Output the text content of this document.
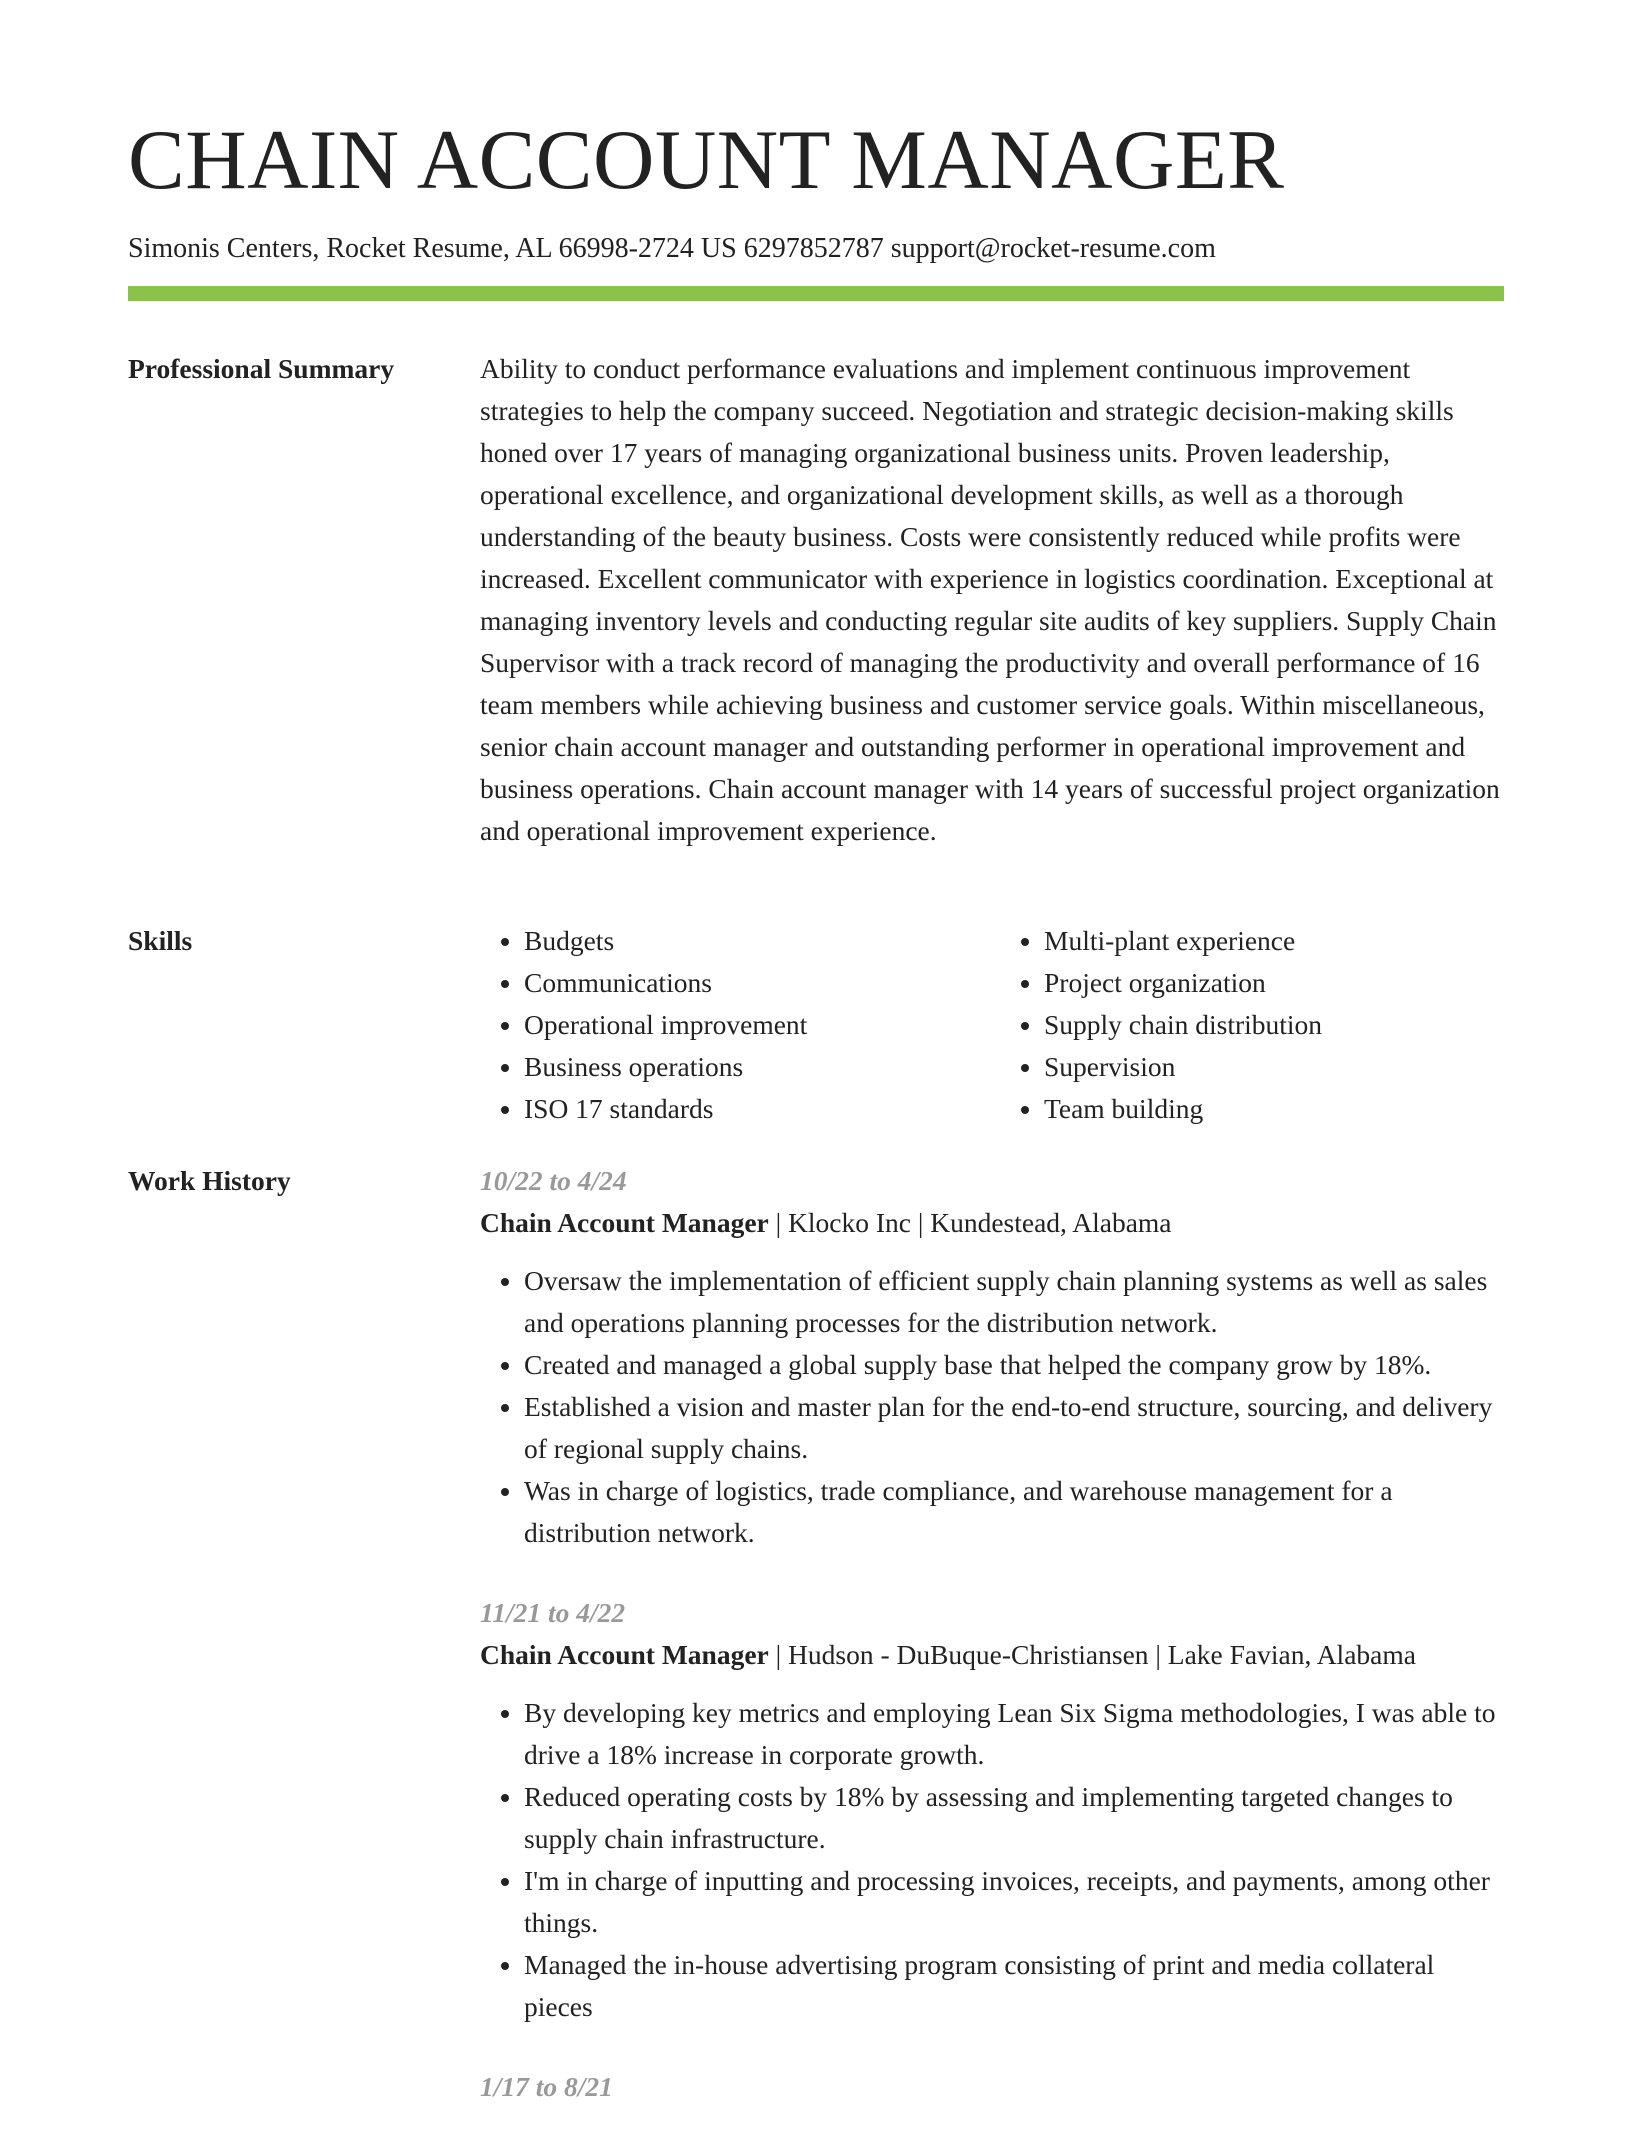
CHAIN ACCOUNT MANAGER
Simonis Centers, Rocket Resume, AL 66998-2724 US 6297852787 support@rocket-resume.com
Professional Summary	Ability to conduct performance evaluations and implement continuous improvement strategies to help the company succeed. Negotiation and strategic decision-making skills honed over 17 years of managing organizational business units. Proven leadership, operational excellence, and organizational development skills, as well as a thorough understanding of the beauty business. Costs were consistently reduced while profits were increased. Excellent communicator with experience in logistics coordination. Exceptional at managing inventory levels and conducting regular site audits of key suppliers. Supply Chain Supervisor with a track record of managing the productivity and overall performance of 16 team members while achieving business and customer service goals. Within miscellaneous, senior chain account manager and outstanding performer in operational improvement and business operations. Chain account manager with 14 years of successful project organization and operational improvement experience.

Skills
•	Budgets
• Communications
• Operational improvement
• Business operations
• ISO 17 standards
• Multi-plant experience
• Project organization
• Supply chain distribution
• Supervision
• Team building
Work History	10/22 to 4/24
Chain Account Manager | Klocko Inc | Kundestead, Alabama
• Oversaw the implementation of efficient supply chain planning systems as well as sales and operations planning processes for the distribution network.
• Created and managed a global supply base that helped the company grow by 18%.
• Established a vision and master plan for the end-to-end structure, sourcing, and delivery of regional supply chains.
• Was in charge of logistics, trade compliance, and warehouse management for a distribution network.
11/21 to 4/22
Chain Account Manager | Hudson - DuBuque-Christiansen | Lake Favian, Alabama
• By developing key metrics and employing Lean Six Sigma methodologies, I was able to drive a 18% increase in corporate growth.
• Reduced operating costs by 18% by assessing and implementing targeted changes to supply chain infrastructure.
• I'm in charge of inputting and processing invoices, receipts, and payments, among other things.
• Managed the in-house advertising program consisting of print and media collateral pieces
1/17 to 8/21
